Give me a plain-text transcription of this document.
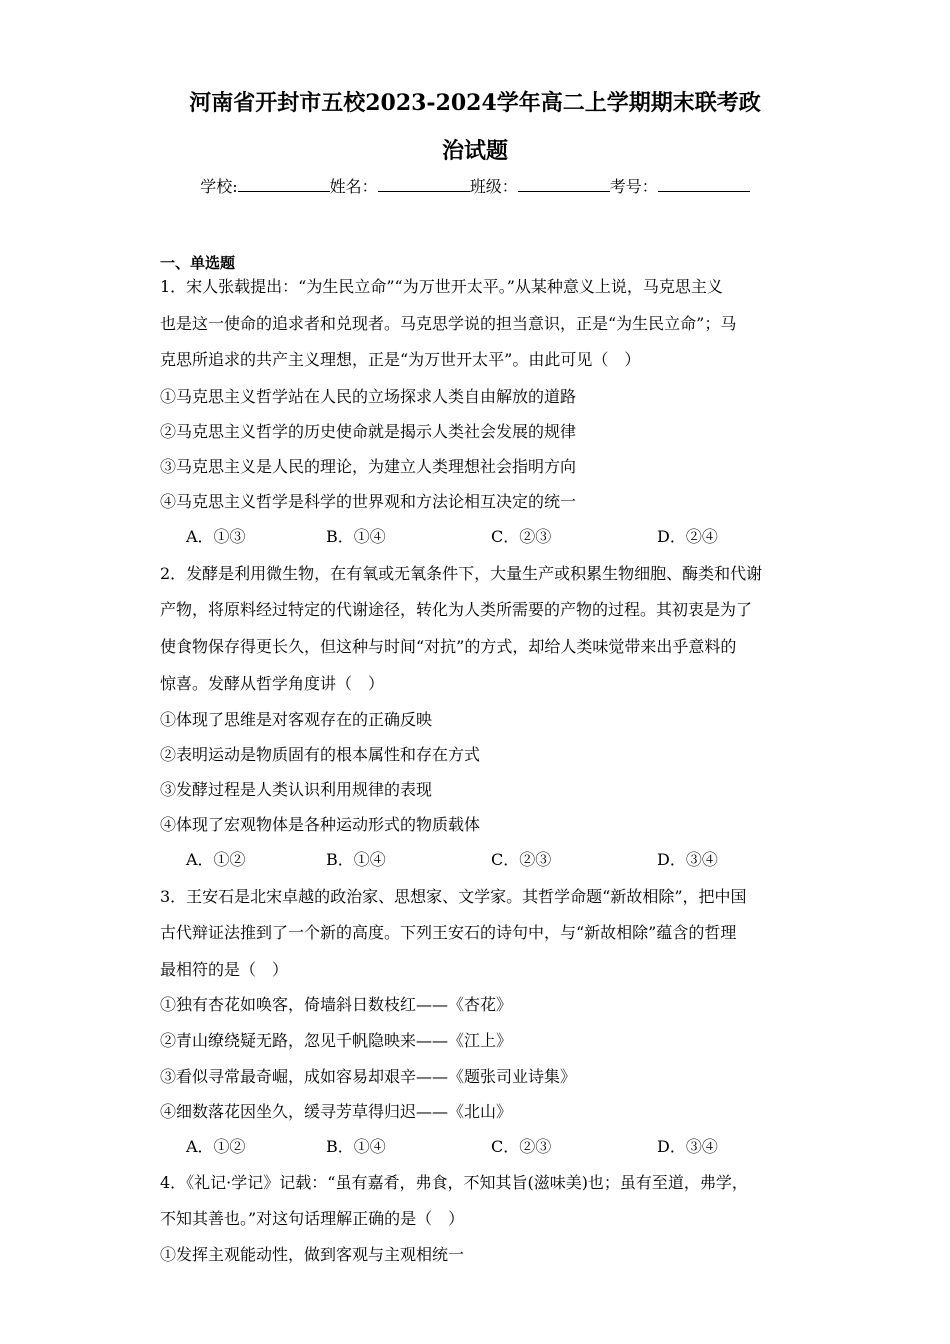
河南省开封市五校2023-2024学年高二上学期期末联考政
治试题
学校:	姓名：	班级：	考号：
一、单选题
1．宋人张载提出：“为生民立命”“为万世开太平。”从某种意义上说，马克思主义
也是这一使命的追求者和兑现者。马克思学说的担当意识，正是“为生民立命”；马
克思所追求的共产主义理想，正是“为万世开太平”。由此可见（　）
①马克思主义哲学站在人民的立场探求人类自由解放的道路
②马克思主义哲学的历史使命就是揭示人类社会发展的规律
③马克思主义是人民的理论，为建立人类理想社会指明方向
④马克思主义哲学是科学的世界观和方法论相互决定的统一
A．①③	B．①④	C．②③	D．②④
2．发酵是利用微生物，在有氧或无氧条件下，大量生产或积累生物细胞、酶类和代谢
产物，将原料经过特定的代谢途径，转化为人类所需要的产物的过程。其初衷是为了
使食物保存得更长久，但这种与时间“对抗”的方式，却给人类味觉带来出乎意料的
惊喜。发酵从哲学角度讲（　）
①体现了思维是对客观存在的正确反映
②表明运动是物质固有的根本属性和存在方式
③发酵过程是人类认识利用规律的表现
④体现了宏观物体是各种运动形式的物质载体
A．①②	B．①④	C．②③	D．③④
3．王安石是北宋卓越的政治家、思想家、文学家。其哲学命题“新故相除”，把中国
古代辩证法推到了一个新的高度。下列王安石的诗句中，与“新故相除”蕴含的哲理
最相符的是（　）
①独有杏花如唤客，倚墙斜日数枝红——《杏花》
②青山缭绕疑无路，忽见千帆隐映来——《江上》
③看似寻常最奇崛，成如容易却艰辛——《题张司业诗集》
④细数落花因坐久，缓寻芳草得归迟——《北山》
A．①②	B．①④	C．②③	D．③④
4．《礼记·学记》记载：“虽有嘉肴，弗食，不知其旨(滋味美)也；虽有至道，弗学，
不知其善也。”对这句话理解正确的是（　）
①发挥主观能动性，做到客观与主观相统一
